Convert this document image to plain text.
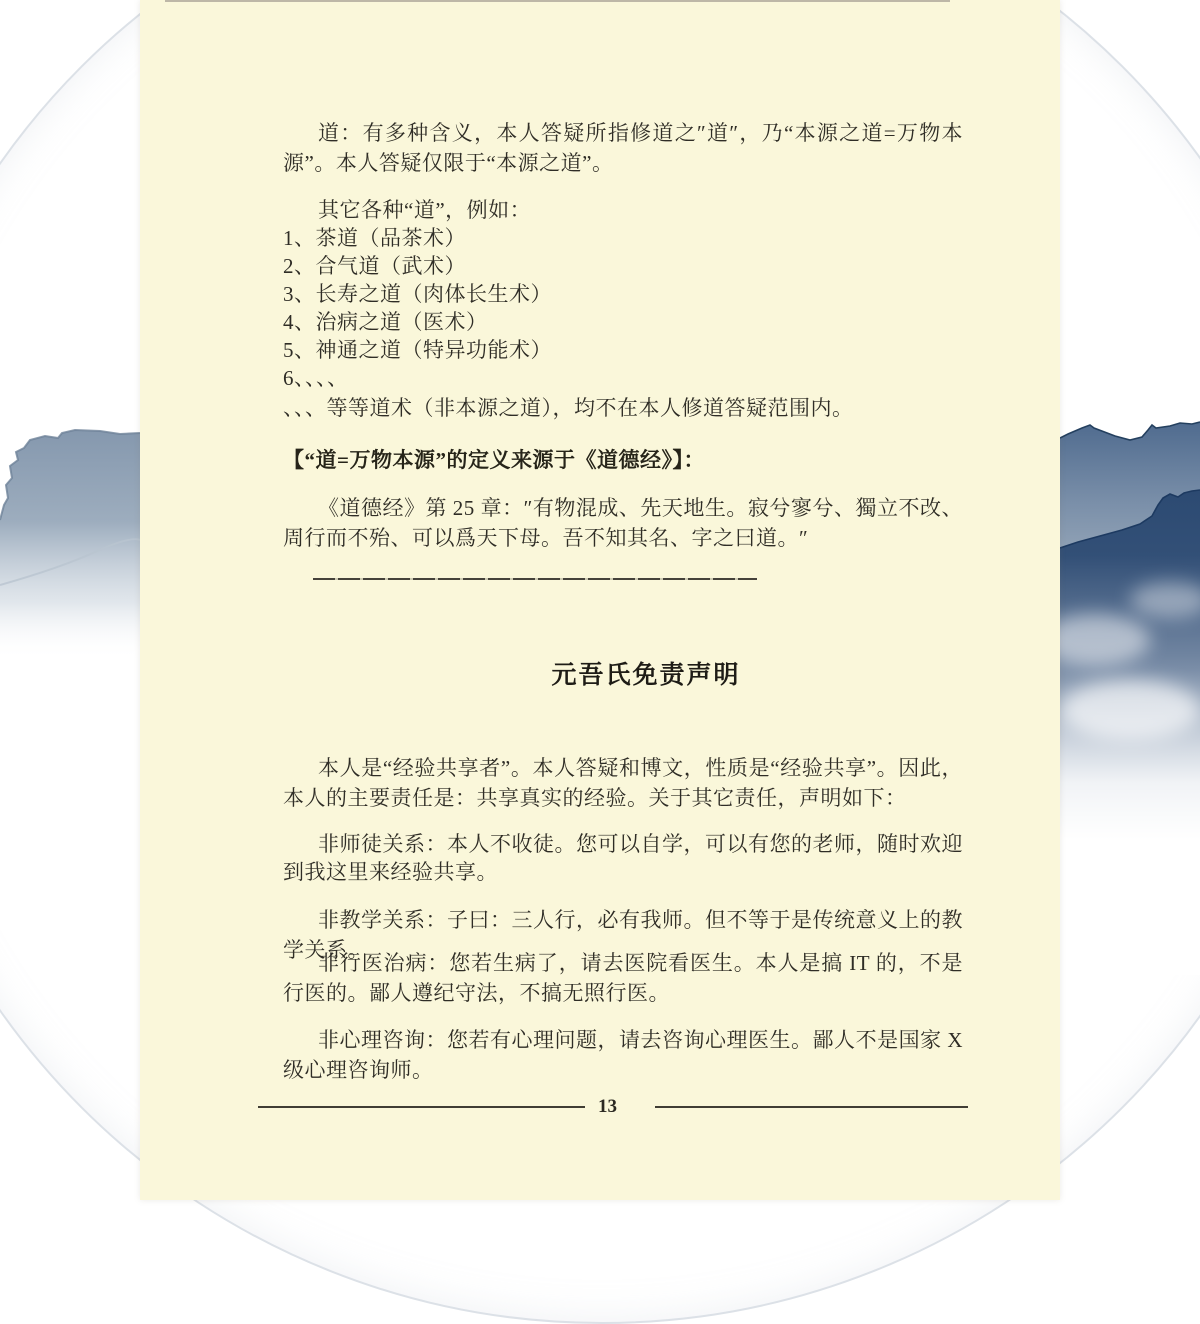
道：有多种含义，本人答疑所指修道之″道″，乃“本源之道=万物本源”。本人答疑仅限于“本源之道”。
其它各种“道”，例如：
1、茶道（品茶术）
2、合气道（武术）
3、长寿之道（肉体长生术）
4、治病之道（医术）
5、神通之道（特异功能术）
6、、、、
、、、等等道术（非本源之道），均不在本人修道答疑范围内。
【“道=万物本源”的定义来源于《道德经》】：
《道德经》第 25 章：″有物混成、先天地生。寂兮寥兮、獨立不改、周行而不殆、可以爲天下母。吾不知其名、字之曰道。″
元吾氏免责声明
本人是“经验共享者”。本人答疑和博文，性质是“经验共享”。因此，本人的主要责任是：共享真实的经验。关于其它责任，声明如下：
非师徒关系：本人不收徒。您可以自学，可以有您的老师，随时欢迎到我这里来经验共享。
非教学关系：子曰：三人行，必有我师。但不等于是传统意义上的教学关系。
非行医治病：您若生病了，请去医院看医生。本人是搞 IT 的，不是行医的。鄙人遵纪守法，不搞无照行医。
非心理咨询：您若有心理问题，请去咨询心理医生。鄙人不是国家 X 级心理咨询师。
13
